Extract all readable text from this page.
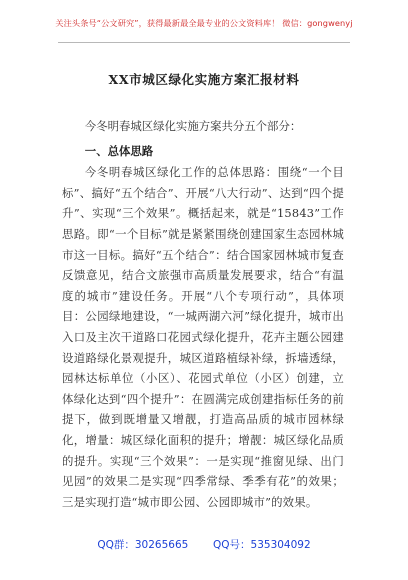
关注头条号“公文研究”，获得最新最全最专业的公文资料库！ 微信：gongwenyj
XX市城区绿化实施方案汇报材料

今冬明春城区绿化实施方案共分五个部分：

一、总体思路

今冬明春城区绿化工作的总体思路：围绕“一个目标”、搞好“五个结合”、开展“八大行动”、达到“四个提升”、实现“三个效果”。概括起来，就是“15843”工作思路。即“一个目标”就是紧紧围绕创建国家生态园林城市这一目标。搞好“五个结合”：结合国家园林城市复查反馈意见，结合文旅强市高质量发展要求，结合“有温度的城市”建设任务。开展“八个专项行动”，具体项目：公园绿地建设，“一城两湖六河”绿化提升，城市出入口及主次干道路口花园式绿化提升，花卉主题公园建设道路绿化景观提升，城区道路植绿补绿，拆墙透绿，园林达标单位（小区）、花园式单位（小区）创建，立体绿化达到“四个提升”：在圆满完成创建指标任务的前提下，做到既增量又增靓，打造高品质的城市园林绿化，增量：城区绿化面积的提升；增靓：城区绿化品质的提升。实现“三个效果”：一是实现“推窗见绿、出门见园”的效果二是实现“四季常绿、季季有花”的效果；三是实现打造“城市即公园、公园即城市”的效果。

QQ群：30265665 QQ号：535304092
